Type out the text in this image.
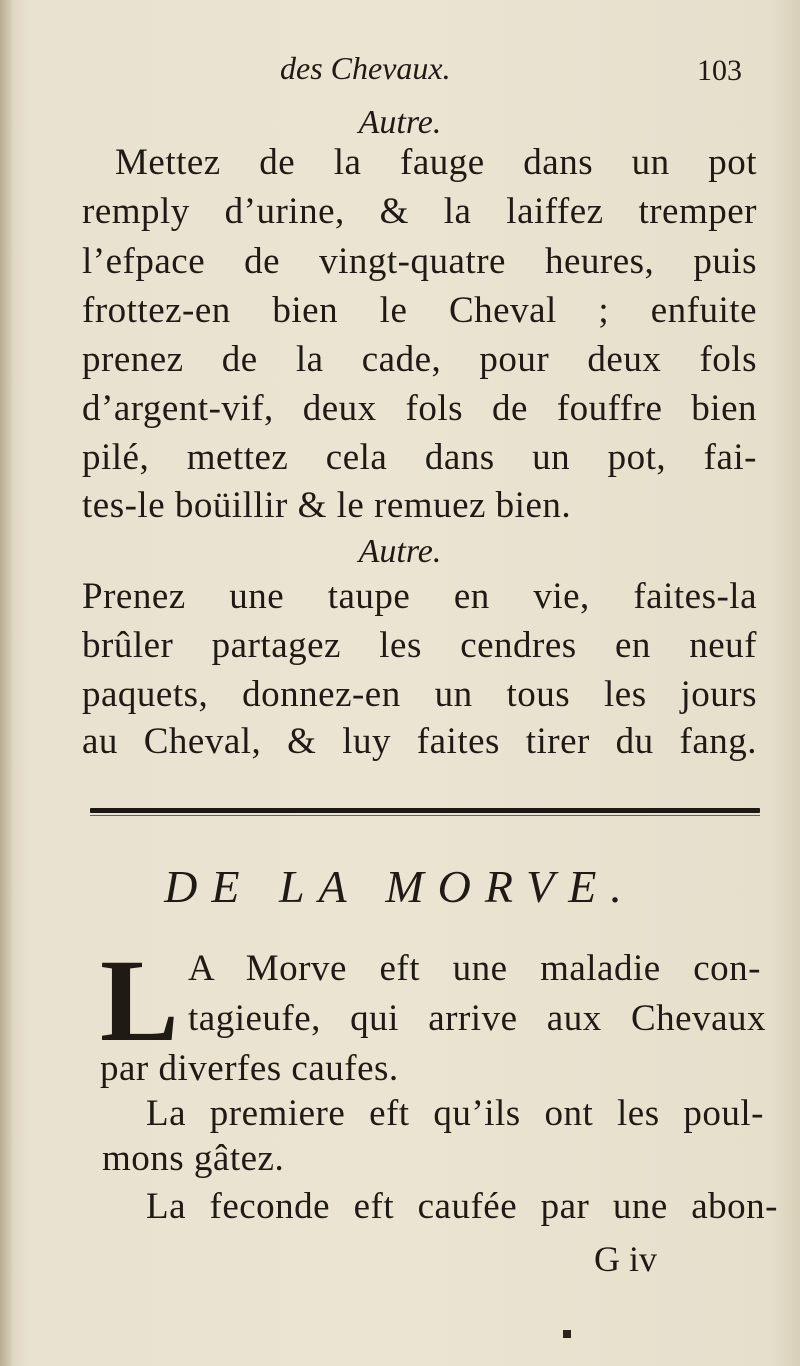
des Chevaux.	103
Autre.
Mettez de la fauge dans un pot
remply d’urine, & la laiffez tremper
l’efpace de vingt-quatre heures, puis
frottez-en bien le Cheval ; enfuite
prenez de la cade, pour deux fols
d’argent-vif, deux fols de fouffre bien
pilé, mettez cela dans un pot, fai-
tes-le boüillir & le remuez bien.
Autre.
Prenez une taupe en vie, faites-la
brûler partagez les cendres en neuf
paquets, donnez-en un tous les jours
au Cheval, & luy faites tirer du fang.
DE LA MORVE.
L A Morve eft une maladie con-
tagieufe, qui arrive aux Chevaux
par diverfes caufes.
La premiere eft qu’ils ont les poul-
mons gâtez.
La feconde eft caufée par une abon-
G iv
